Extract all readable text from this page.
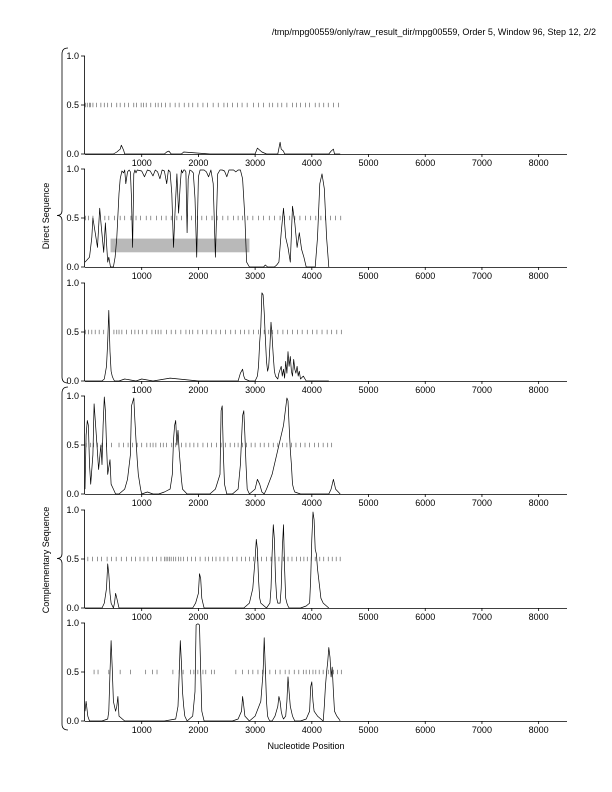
/tmp/mpg00559/only/raw_result_dir/mpg00559, Order 5, Window 96, Step 12, 2/2
Direct Sequence
Complementary Sequence
Nucleotide Position
0.0
0.5
1.0
1000	2000	3000	4000	5000	6000	7000	8000
0.0
0.5
1.0
1000	2000	3000	4000	5000	6000	7000	8000
0.0
0.5
1.0
1000	2000	3000	4000	5000	6000	7000	8000
0.0
0.5
1.0
1000	2000	3000	4000	5000	6000	7000	8000
0.0
0.5
1.0
1000	2000	3000	4000	5000	6000	7000	8000
0.0
0.5
1.0
1000	2000	3000	4000	5000	6000	7000	8000
